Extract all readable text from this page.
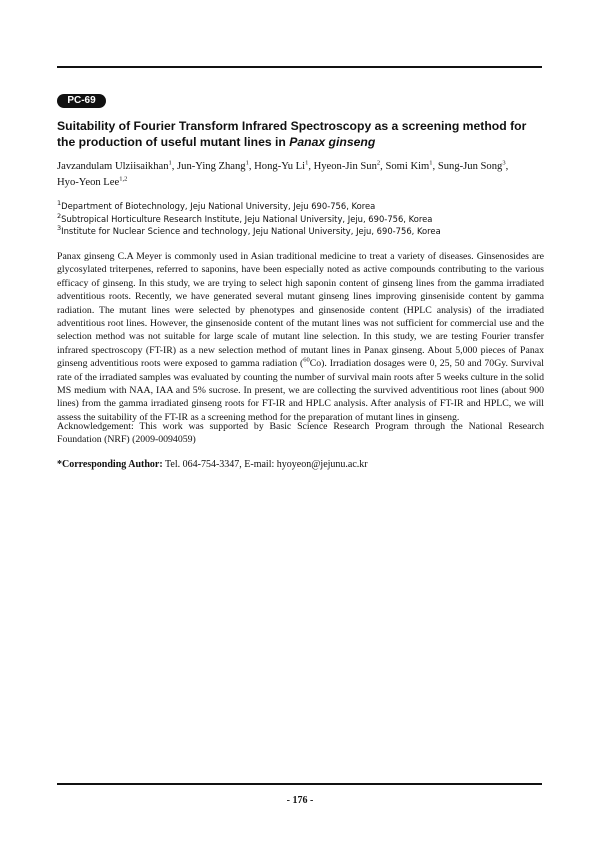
PC-69
Suitability of Fourier Transform Infrared Spectroscopy as a screening method for the production of useful mutant lines in Panax ginseng
Javzandulam Ulziisaikhan$^1$, Jun-Ying Zhang$^1$, Hong-Yu Li$^1$, Hyeon-Jin Sun$^2$, Somi Kim$^1$, Sung-Jun Song$^3$,
Hyo-Yeon Lee$^{1,2}$
$^1$Department of Biotechnology, Jeju National University, Jeju 690-756, Korea
$^2$Subtropical Horticulture Research Institute, Jeju National University, Jeju, 690-756, Korea
$^3$Institute for Nuclear Science and technology, Jeju National University, Jeju, 690-756, Korea

Panax ginseng C.A Meyer is commonly used in Asian traditional medicine to treat a variety of diseases. Ginsenosides are glycosylated triterpenes, referred to saponins, have been especially noted as active compounds contributing to the various efficacy of ginseng. In this study, we are trying to select high saponin content of ginseng lines from the gamma irradiated adventitious roots. Recently, we have generated several mutant ginseng lines improving ginseniside content by gamma radiation. The mutant lines were selected by phenotypes and ginsenoside content (HPLC analysis) of the irradiated adventitious root lines. However, the ginsenoside content of the mutant lines was not sufficient for commercial use and the selection method was not suitable for large scale of mutant line selection. In this study, we are testing Fourier transfer infrared spectroscopy (FT-IR) as a new selection method of mutant lines in Panax ginseng. About 5,000 pieces of Panax ginseng adventitious roots were exposed to gamma radiation ($^{60}$Co). Irradiation dosages were 0, 25, 50 and 70Gy. Survival rate of the irradiated samples was evaluated by counting the number of survival main roots after 5 weeks culture in the solid MS medium with NAA, IAA and 5% sucrose. In present, we are collecting the survived adventitious root lines (about 900 lines) from the gamma irradiated ginseng roots for FT-IR and HPLC analysis. After analysis of FT-IR and HPLC, we will assess the suitability of the FT-IR as a screening method for the preparation of mutant lines in ginseng.

Acknowledgement: This work was supported by Basic Science Research Program through the National Research Foundation (NRF) (2009-0094059)

*Corresponding Author: Tel. 064-754-3347, E-mail: hyoyeon@jejunu.ac.kr
- 176 -
